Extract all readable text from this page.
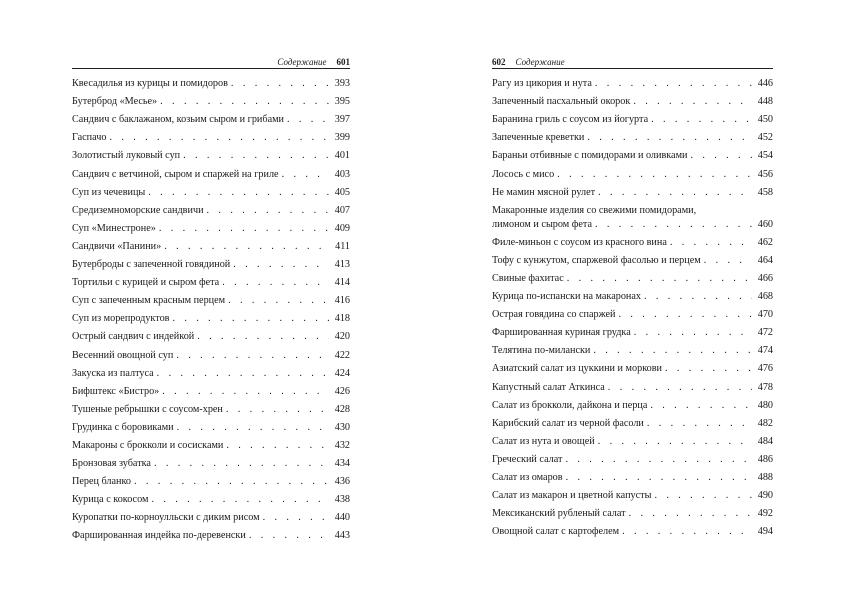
Содержание 601
Квесадилья из курицы и помидоров . . .	393
Бутерброд «Месье» . . .	395
Сандвич с баклажаном, козьим сыром и грибами . . .	397
Гаспачо . . .	399
Золотистый луковый суп . . .	401
Сандвич с ветчиной, сыром и спаржей на гриле . . .	403
Суп из чечевицы . . .	405
Средиземноморские сандвичи . . .	407
Суп «Минестроне» . . .	409
Сандвичи «Панини» . . .	411
Бутерброды с запеченной говядиной . . .	413
Тортильи с курицей и сыром фета . . .	414
Суп с запеченным красным перцем . . .	416
Суп из морепродуктов . . .	418
Острый сандвич с индейкой . . .	420
Весенний овощной суп . . .	422
Закуска из палтуса . . .	424
Бифштекс «Бистро» . . .	426
Тушеные ребрышки с соусом-хрен . . .	428
Грудинка с боровиками . . .	430
Макароны с брокколи и сосисками . . .	432
Бронзовая зубатка . . .	434
Перец бланко . . .	436
Курица с кокосом . . .	438
Куропатки по-корноулльски с диким рисом . . .	440
Фаршированная индейка по-деревенски . . .	443
602 Содержание
Рагу из цикория и нута . . .	446
Запеченный пасхальный окорок . . .	448
Баранина гриль с соусом из йогурта . . .	450
Запеченные креветки . . .	452
Бараньи отбивные с помидорами и оливками . . .	454
Лосось с мисо . . .	456
Не мамин мясной рулет . . .	458
Макаронные изделия со свежими помидорами,
лимоном и сыром фета . . .	460
Филе-миньон с соусом из красного вина . . .	462
Тофу с кунжутом, спаржевой фасолью и перцем . . .	464
Свиные фахитас . . .	466
Курица по-испански на макаронах . . .	468
Острая говядина со спаржей . . .	470
Фаршированная куриная грудка . . .	472
Телятина по-милански . . .	474
Азиатский салат из цуккини и моркови . . .	476
Капустный салат Аткинса . . .	478
Салат из брокколи, дайкона и перца . . .	480
Карибский салат из черной фасоли . . .	482
Салат из нута и овощей . . .	484
Греческий салат . . .	486
Салат из омаров . . .	488
Салат из макарон и цветной капусты . . .	490
Мексиканский рубленый салат . . .	492
Овощной салат с картофелем . . .	494
